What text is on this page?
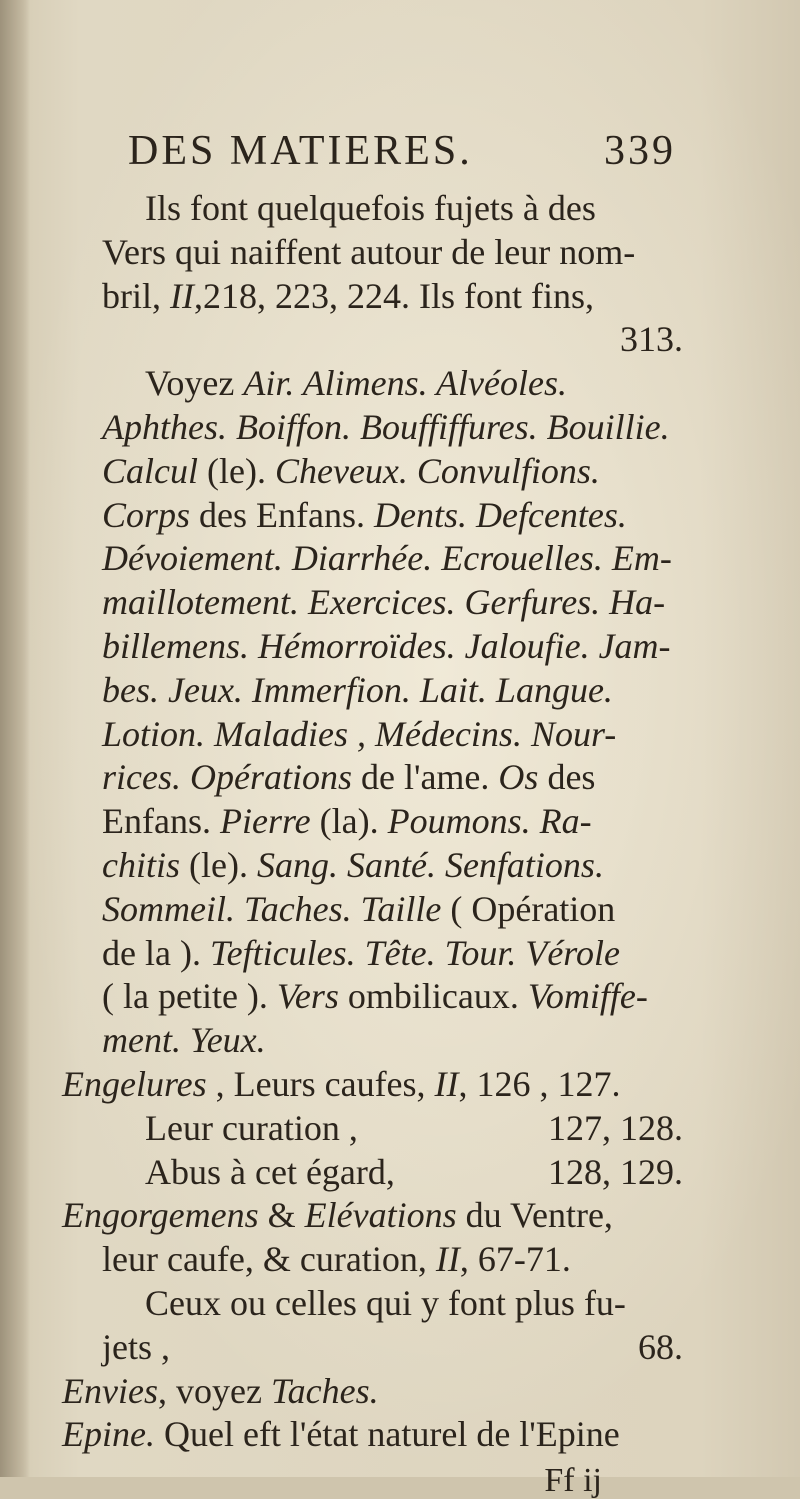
DES MATIERES.	339
Ils font quelquefois fujets à des
Vers qui naiffent autour de leur nom-
bril, II,218, 223, 224. Ils font fins,
313.
Voyez Air. Alimens. Alvéoles.
Aphthes. Boiffon. Bouffiffures. Bouillie.
Calcul (le). Cheveux. Convulfions.
Corps des Enfans. Dents. Defcentes.
Dévoiement. Diarrhée. Ecrouelles. Em-
maillotement. Exercices. Gerfures. Ha-
billemens. Hémorroïdes. Jaloufie. Jam-
bes. Jeux. Immerfion. Lait. Langue.
Lotion. Maladies , Médecins. Nour-
rices. Opérations de l'ame. Os des
Enfans. Pierre (la). Poumons. Ra-
chitis (le). Sang. Santé. Senfations.
Sommeil. Taches. Taille ( Opération
de la ). Tefticules. Tête. Tour. Vérole
( la petite ). Vers ombilicaux. Vomiffe-
ment. Yeux.
Engelures , Leurs caufes, II, 126 , 127.
Leur curation ,	127, 128.
Abus à cet égard,	128, 129.
Engorgemens & Elévations du Ventre,
leur caufe, & curation, II, 67-71.
Ceux ou celles qui y font plus fu-
jets ,	68.
Envies, voyez Taches.
Epine. Quel eft l'état naturel de l'Epine
Ff ij
